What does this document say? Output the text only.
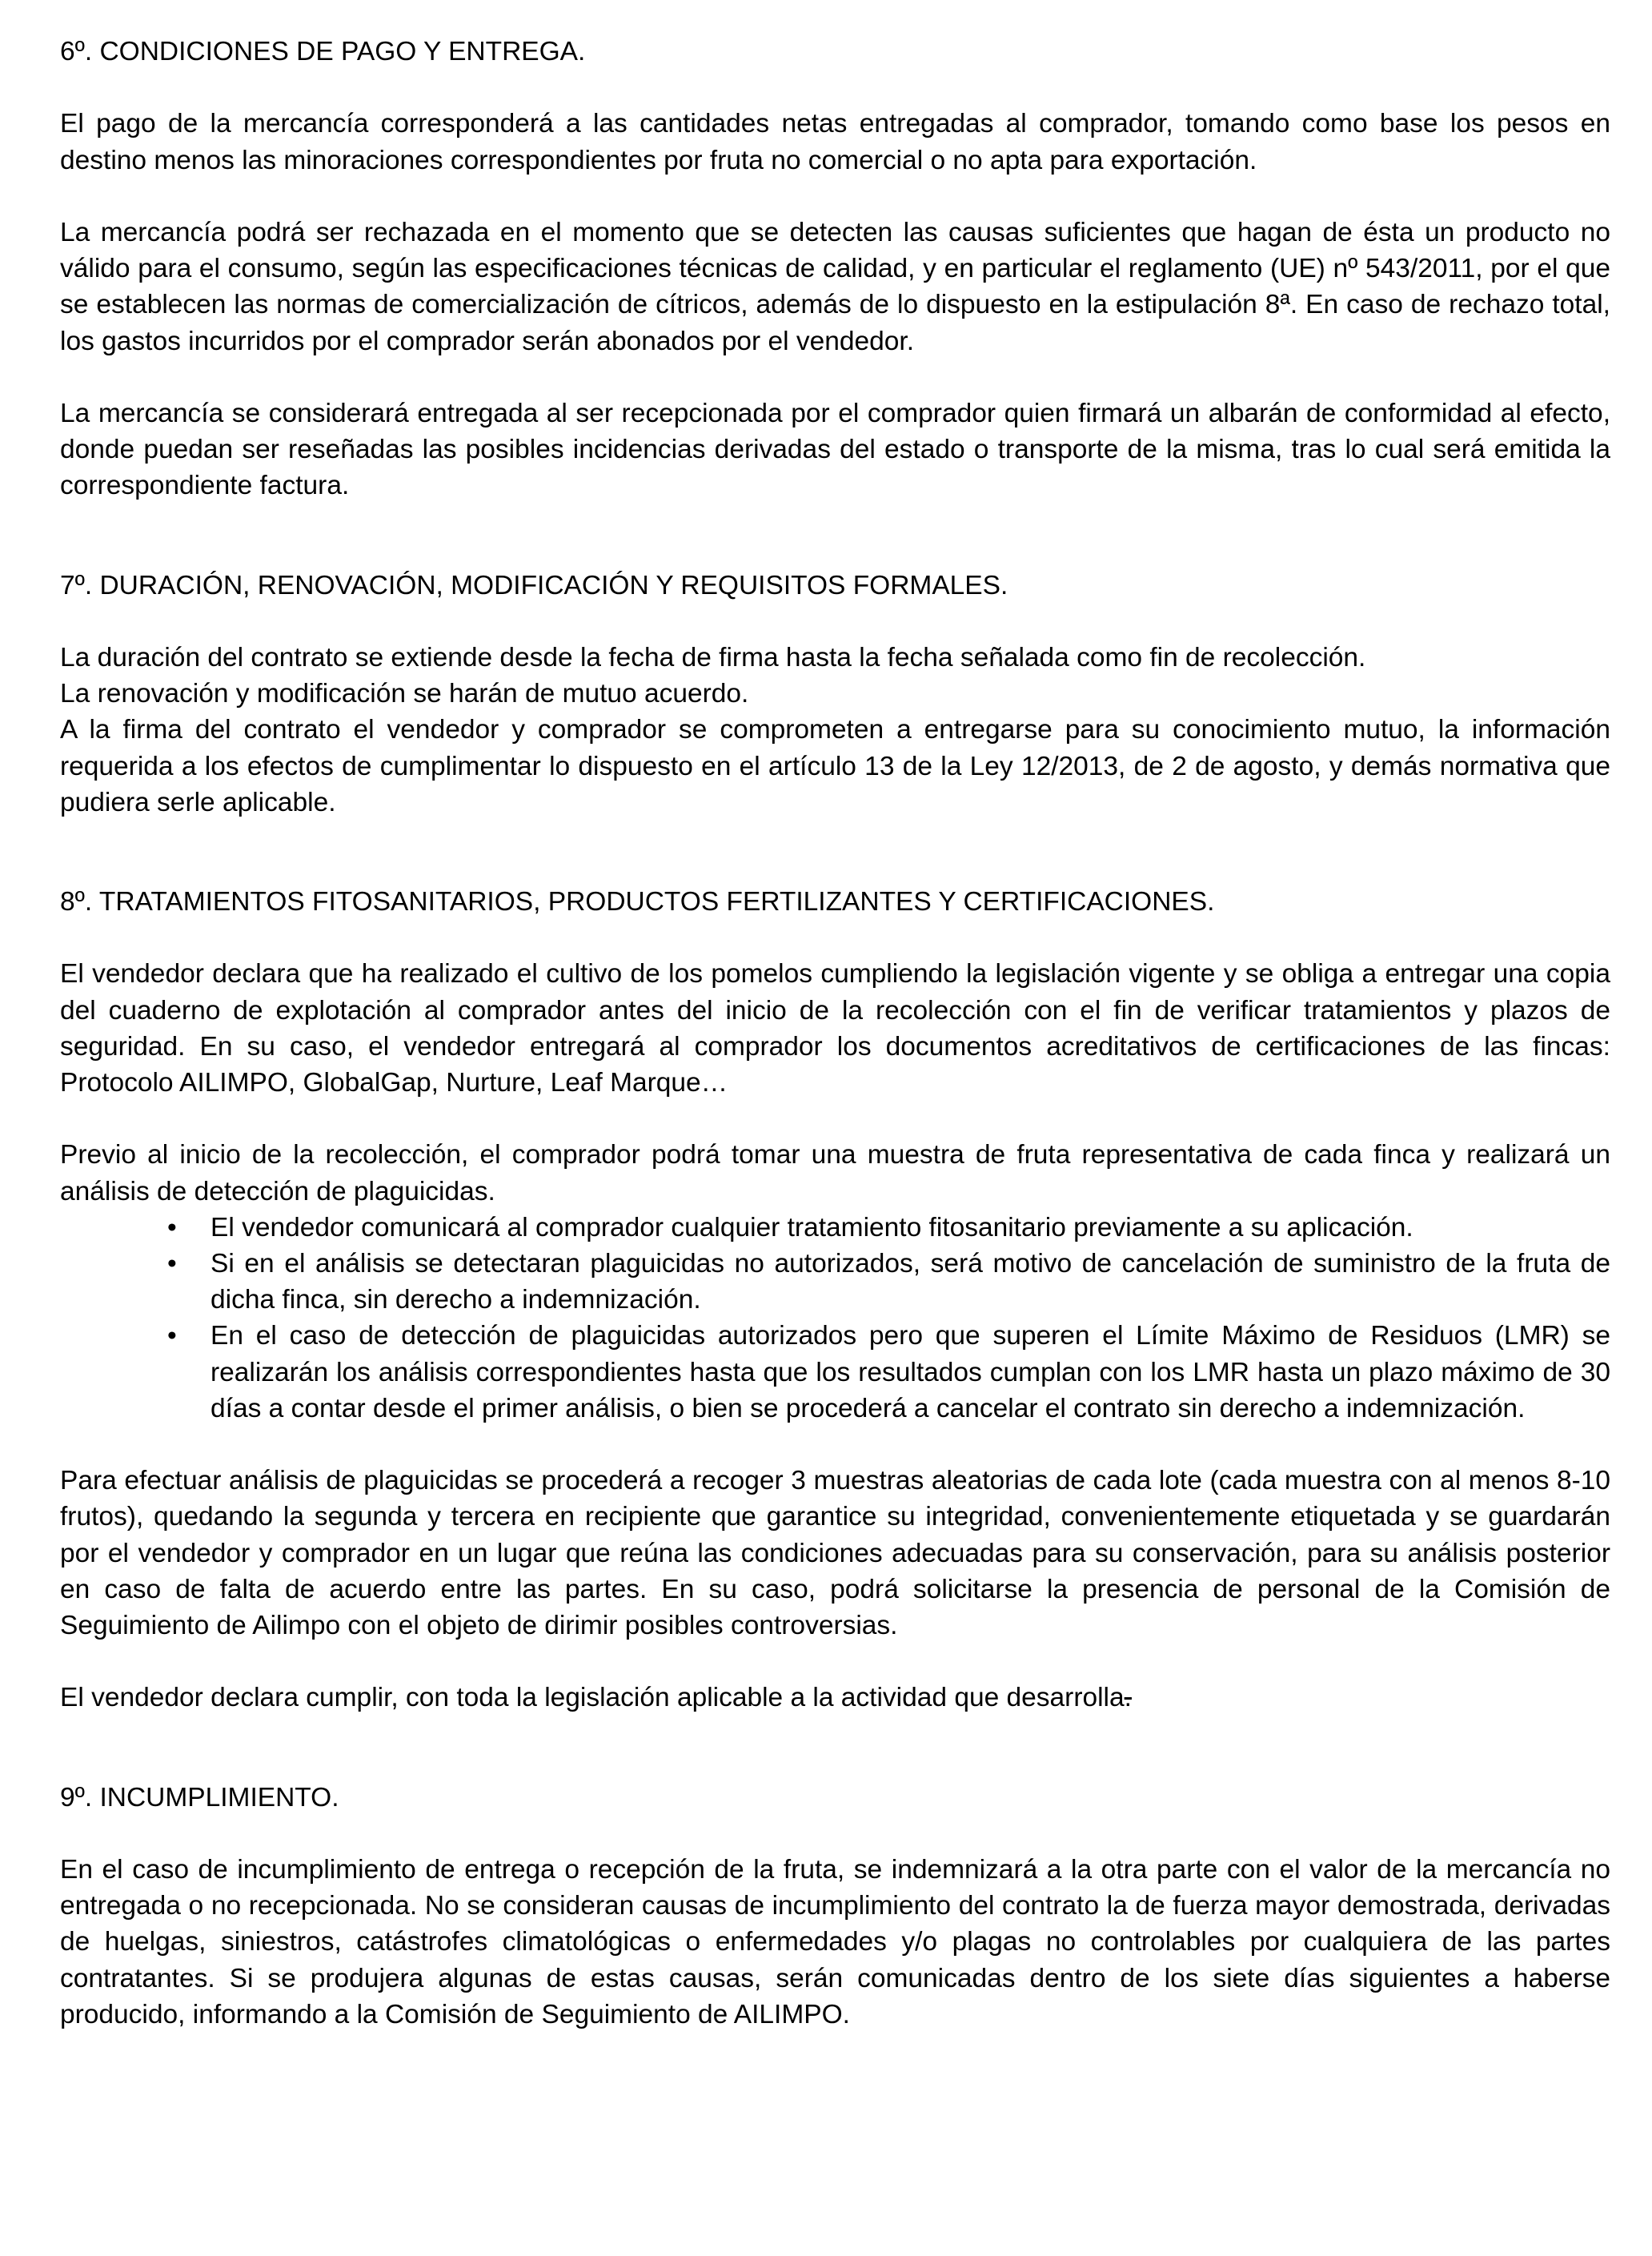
6º. CONDICIONES DE PAGO Y ENTREGA.

El pago de la mercancía corresponderá a las cantidades netas entregadas al comprador, tomando como base los pesos en destino menos las minoraciones correspondientes por fruta no comercial o no apta para exportación.

La mercancía podrá ser rechazada en el momento que se detecten las causas suficientes que hagan de ésta un producto no válido para el consumo, según las especificaciones técnicas de calidad, y en particular el reglamento (UE) nº 543/2011, por el que se establecen las normas de comercialización de cítricos, además de lo dispuesto en la estipulación 8ª. En caso de rechazo total, los gastos incurridos por el comprador serán abonados por el vendedor.

La mercancía se considerará entregada al ser recepcionada por el comprador quien firmará un albarán de conformidad al efecto, donde puedan ser reseñadas las posibles incidencias derivadas del estado o transporte de la misma, tras lo cual será emitida la correspondiente factura.

7º. DURACIÓN, RENOVACIÓN, MODIFICACIÓN Y REQUISITOS FORMALES.

La duración del contrato se extiende desde la fecha de firma hasta la fecha señalada como fin de recolección.

La renovación y modificación se harán de mutuo acuerdo.

A la firma del contrato el vendedor y comprador se comprometen a entregarse para su conocimiento mutuo, la información requerida a los efectos de cumplimentar lo dispuesto en el artículo 13 de la Ley 12/2013, de 2 de agosto, y demás normativa que pudiera serle aplicable.

8º. TRATAMIENTOS FITOSANITARIOS, PRODUCTOS FERTILIZANTES Y CERTIFICACIONES.

El vendedor declara que ha realizado el cultivo de los pomelos cumpliendo la legislación vigente y se obliga a entregar una copia del cuaderno de explotación al comprador antes del inicio de la recolección con el fin de verificar tratamientos y plazos de seguridad. En su caso, el vendedor entregará al comprador los documentos acreditativos de certificaciones de las fincas: Protocolo AILIMPO, GlobalGap, Nurture, Leaf Marque…

Previo al inicio de la recolección, el comprador podrá tomar una muestra de fruta representativa de cada finca y realizará un análisis de detección de plaguicidas.

• El vendedor comunicará al comprador cualquier tratamiento fitosanitario previamente a su aplicación.
• Si en el análisis se detectaran plaguicidas no autorizados, será motivo de cancelación de suministro de la fruta de dicha finca, sin derecho a indemnización.
• En el caso de detección de plaguicidas autorizados pero que superen el Límite Máximo de Residuos (LMR) se realizarán los análisis correspondientes hasta que los resultados cumplan con los LMR hasta un plazo máximo de 30 días a contar desde el primer análisis, o bien se procederá a cancelar el contrato sin derecho a indemnización.

Para efectuar análisis de plaguicidas se procederá a recoger 3 muestras aleatorias de cada lote (cada muestra con al menos 8-10 frutos), quedando la segunda y tercera en recipiente que garantice su integridad, convenientemente etiquetada y se guardarán por el vendedor y comprador en un lugar que reúna las condiciones adecuadas para su conservación, para su análisis posterior en caso de falta de acuerdo entre las partes. En su caso, podrá solicitarse la presencia de personal de la Comisión de Seguimiento de Ailimpo con el objeto de dirimir posibles controversias.

El vendedor declara cumplir, con toda la legislación aplicable a la actividad que desarrolla.

9º. INCUMPLIMIENTO.

En el caso de incumplimiento de entrega o recepción de la fruta, se indemnizará a la otra parte con el valor de la mercancía no entregada o no recepcionada. No se consideran causas de incumplimiento del contrato la de fuerza mayor demostrada, derivadas de huelgas, siniestros, catástrofes climatológicas o enfermedades y/o plagas no controlables por cualquiera de las partes contratantes. Si se produjera algunas de estas causas, serán comunicadas dentro de los siete días siguientes a haberse producido, informando a la Comisión de Seguimiento de AILIMPO.
